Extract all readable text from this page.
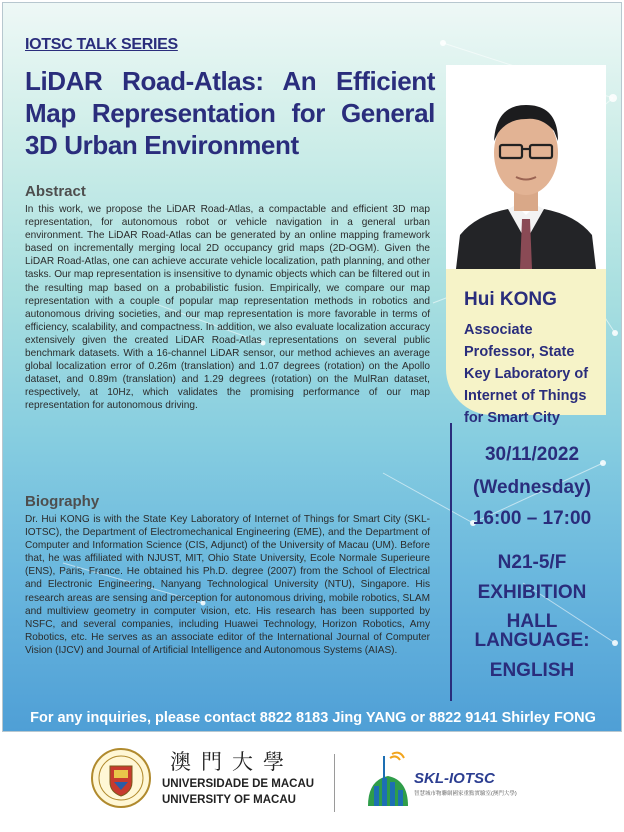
IOTSC TALK SERIES
LiDAR Road-Atlas: An Efficient Map Representation for General 3D Urban Environment
Abstract
In this work, we propose the LiDAR Road-Atlas, a compactable and efficient 3D map representation, for autonomous robot or vehicle navigation in a general urban environment. The LiDAR Road-Atlas can be generated by an online mapping framework based on incrementally merging local 2D occupancy grid maps (2D-OGM). Given the LiDAR Road-Atlas, one can achieve accurate vehicle localization, path planning, and other tasks. Our map representation is insensitive to dynamic objects which can be filtered out in the resulting map based on a probabilistic fusion. Empirically, we compare our map representation with a couple of popular map representation methods in robotics and autonomous driving societies, and our map representation is more favorable in terms of efficiency, scalability, and compactness. In addition, we also evaluate localization accuracy extensively given the created LiDAR Road-Atlas representations on several public benchmark datasets. With a 16-channel LiDAR sensor, our method achieves an average global localization error of 0.26m (translation) and 1.07 degrees (rotation) on the Apollo dataset, and 0.89m (translation) and 1.29 degrees (rotation) on the MulRan dataset, respectively, at 10Hz, which validates the promising performance of our map representation for autonomous driving.
Biography
Dr. Hui KONG is with the State Key Laboratory of Internet of Things for Smart City (SKL-IOTSC), the Department of Electromechanical Engineering (EME), and the Department of Computer and Information Science (CIS, Adjunct) of the University of Macau (UM). Before that, he was affiliated with NJUST, MIT, Ohio State University, Ecole Normale Superieure (ENS), Paris, France. He obtained his Ph.D. degree (2007) from the School of Electrical and Electronic Engineering, Nanyang Technological University (NTU), Singapore. His research areas are sensing and perception for autonomous driving, mobile robotics, SLAM and multiview geometry in computer vision, etc. His research has been supported by NSFC, and several companies, including Huawei Technology, Horizon Robotics, Amy Robotics, etc. He serves as an associate editor of the International Journal of Computer Vision (IJCV) and Journal of Artificial Intelligence and Autonomous Systems (AIAS).
Hui KONG
Associate Professor, State Key Laboratory of Internet of Things for Smart City
30/11/2022
(Wednesday)
16:00 – 17:00
N21-5/F
EXHIBITION HALL
LANGUAGE:
ENGLISH
For any inquiries, please contact 8822 8183 Jing YANG or 8822 9141 Shirley FONG
澳門大學
UNIVERSIDADE DE MACAU
UNIVERSITY OF MACAU
SKL-IOTSC
智慧城市物聯網國家重點實驗室(澳門大學)
